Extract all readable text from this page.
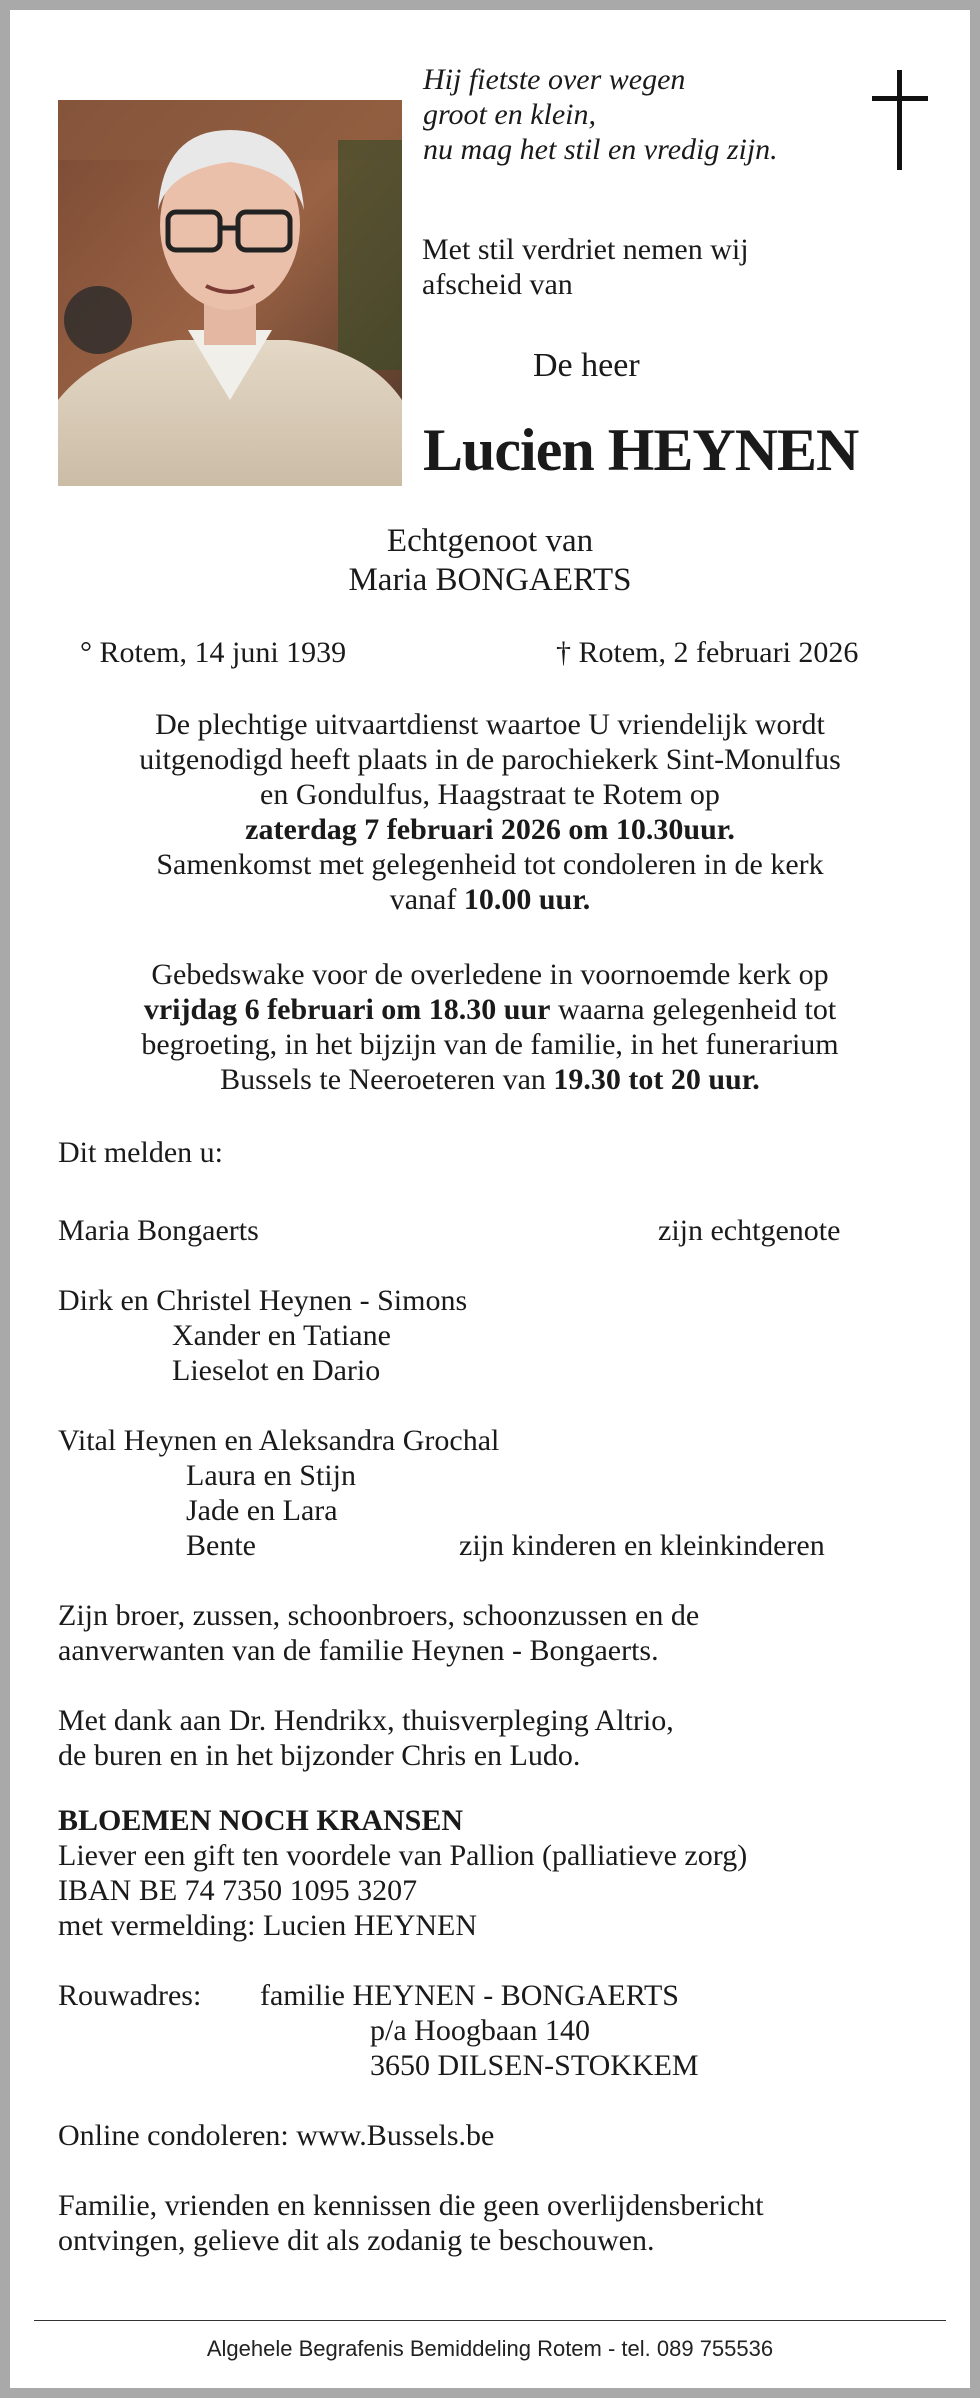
Hij fietste over wegen
groot en klein,
nu mag het stil en vredig zijn.
Met stil verdriet nemen wij
afscheid van
De heer
Lucien HEYNEN
Echtgenoot van
Maria BONGAERTS
° Rotem, 14 juni 1939	† Rotem, 2 februari 2026
De plechtige uitvaartdienst waartoe U vriendelijk wordt
uitgenodigd heeft plaats in de parochiekerk Sint-Monulfus
en Gondulfus, Haagstraat te Rotem op
zaterdag 7 februari 2026 om 10.30uur.
Samenkomst met gelegenheid tot condoleren in de kerk
vanaf 10.00 uur.
Gebedswake voor de overledene in voornoemde kerk op
vrijdag 6 februari om 18.30 uur waarna gelegenheid tot
begroeting, in het bijzijn van de familie, in het funerarium
Bussels te Neeroeteren van 19.30 tot 20 uur.
Dit melden u:
Maria Bongaerts	zijn echtgenote
Dirk en Christel Heynen - Simons
Xander en Tatiane
Lieselot en Dario
Vital Heynen en Aleksandra Grochal
Laura en Stijn
Jade en Lara
Bente	zijn kinderen en kleinkinderen
Zijn broer, zussen, schoonbroers, schoonzussen en de
aanverwanten van de familie Heynen - Bongaerts.
Met dank aan Dr. Hendrikx, thuisverpleging Altrio,
de buren en in het bijzonder Chris en Ludo.
BLOEMEN NOCH KRANSEN
Liever een gift ten voordele van Pallion (palliatieve zorg)
IBAN BE 74 7350 1095 3207
met vermelding: Lucien HEYNEN
Rouwadres: familie HEYNEN - BONGAERTS
p/a Hoogbaan 140
3650 DILSEN-STOKKEM
Online condoleren: www.Bussels.be
Familie, vrienden en kennissen die geen overlijdensbericht
ontvingen, gelieve dit als zodanig te beschouwen.
Algehele Begrafenis Bemiddeling Rotem - tel. 089 755536
